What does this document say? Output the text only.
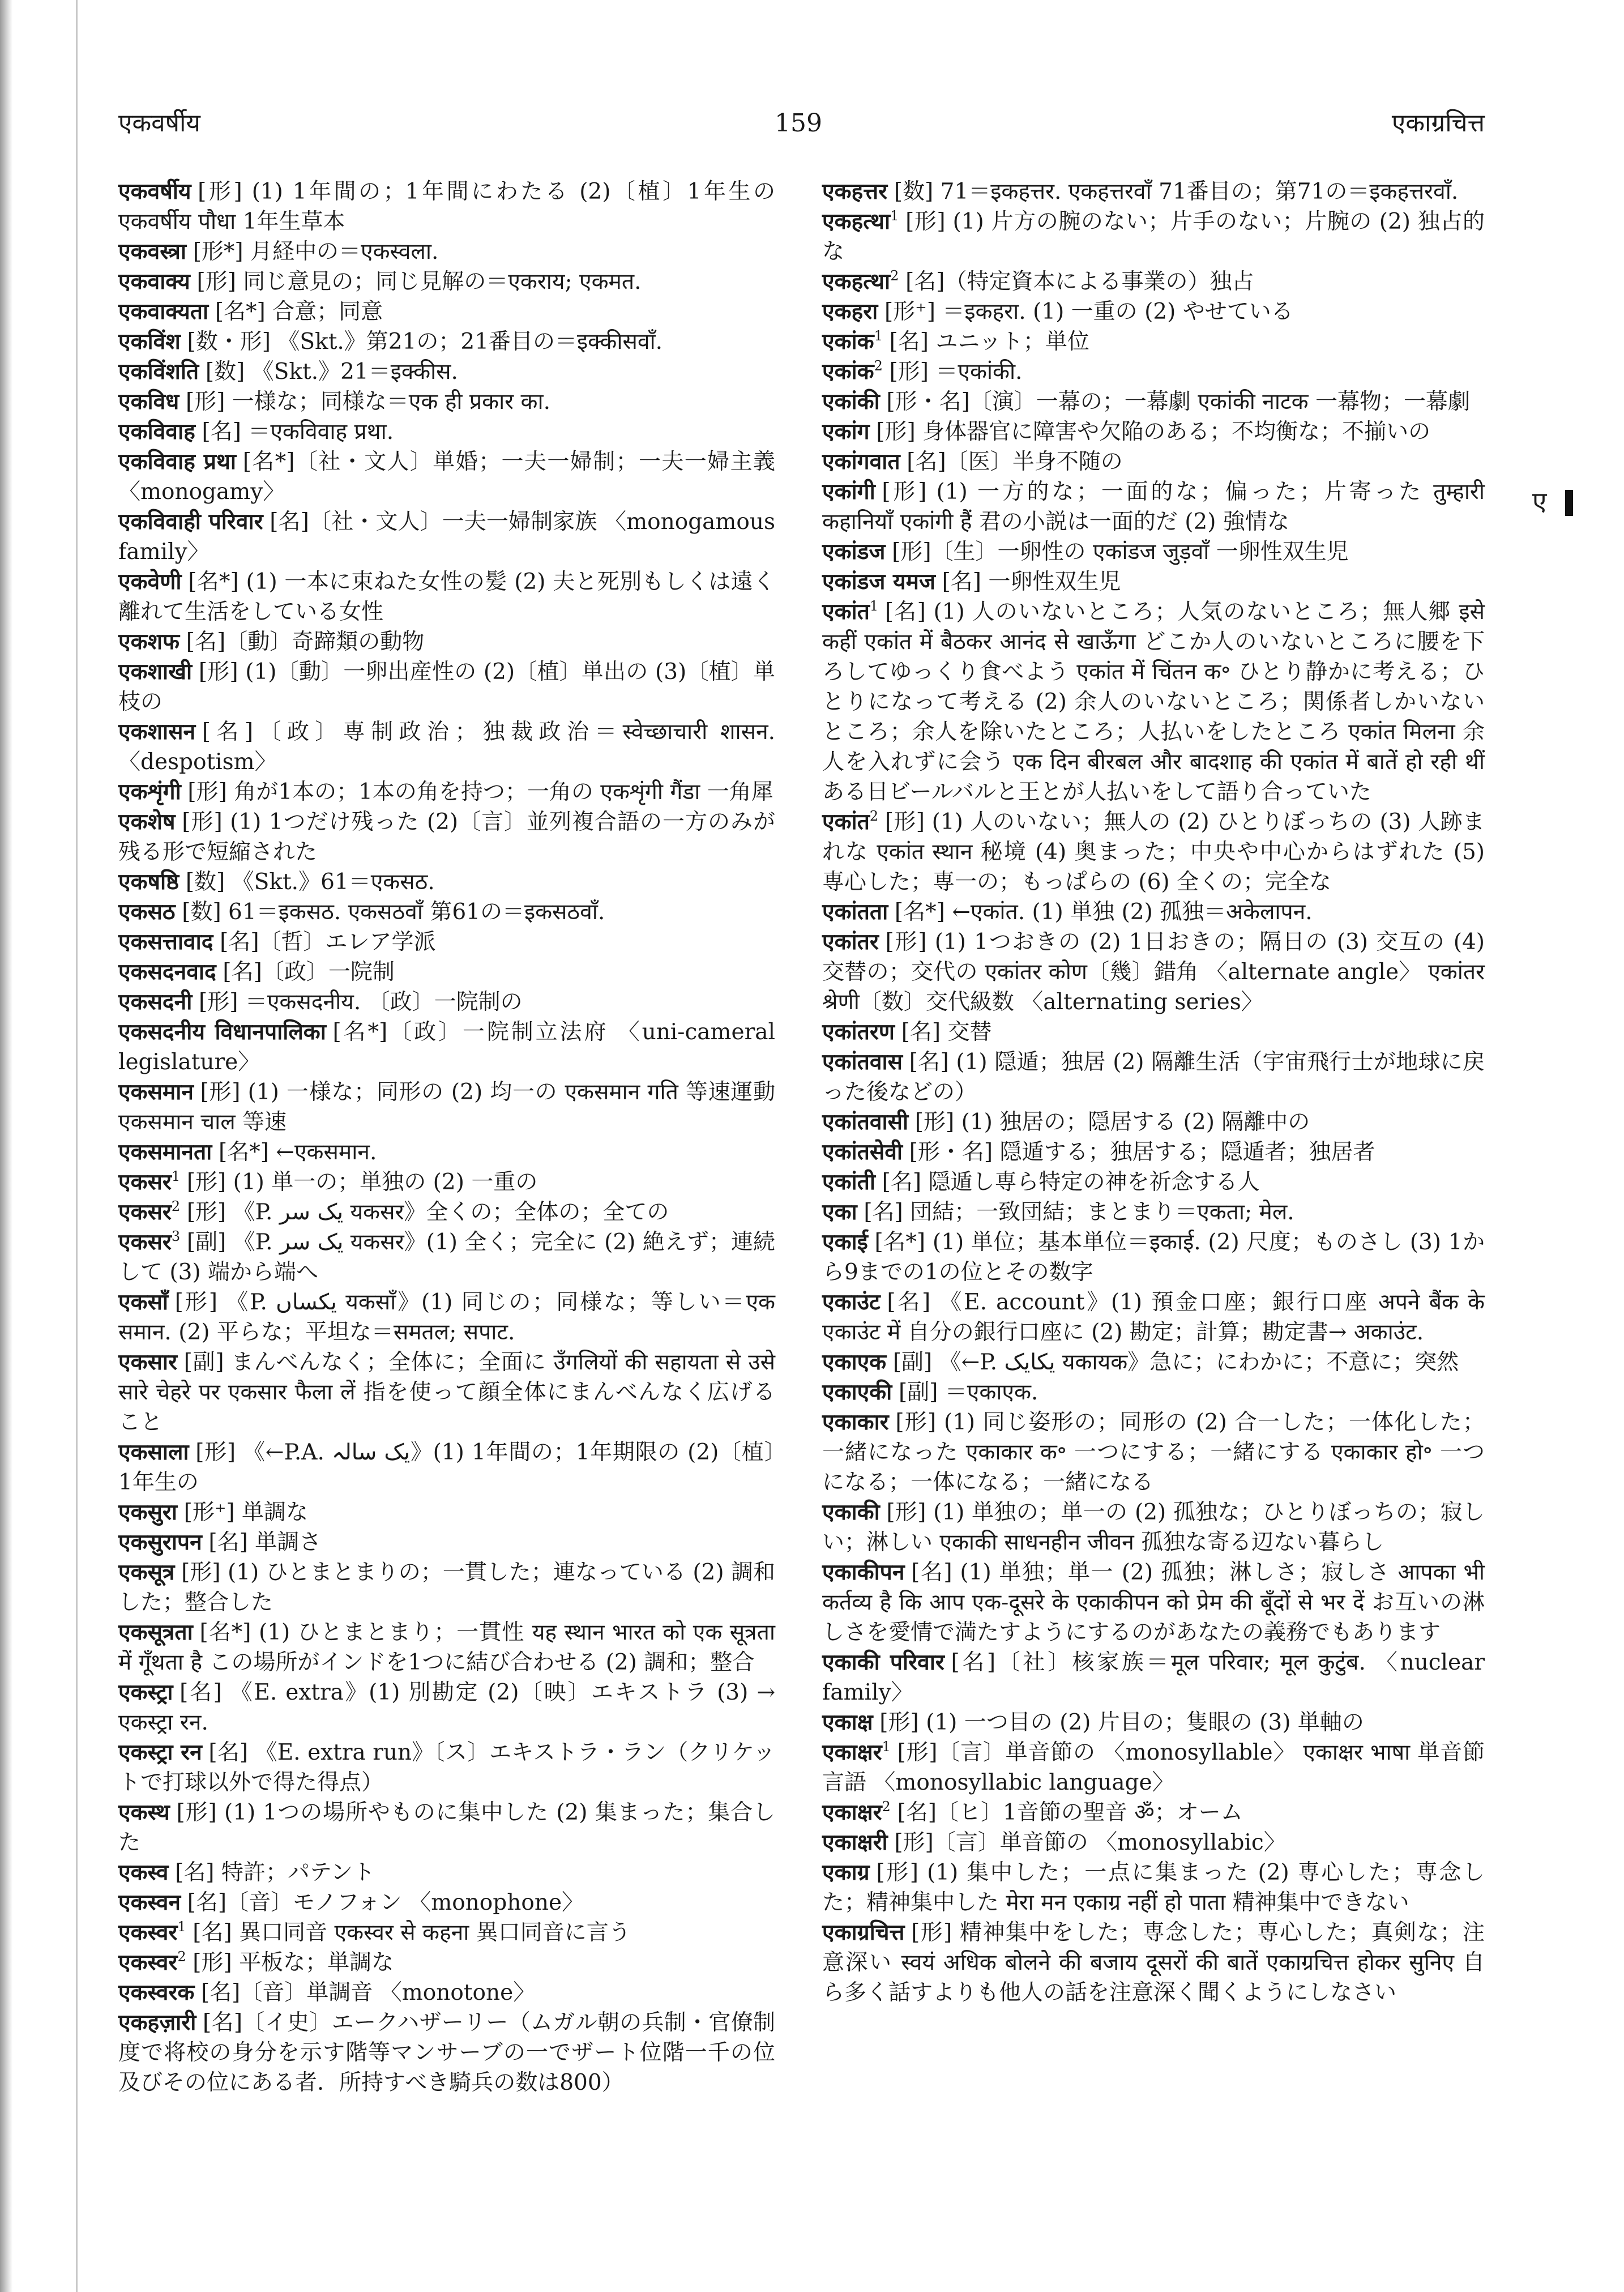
एकवर्षीय	159	एकाग्रचित्त
ए

एकवर्षीय [形] (1) 1年間の；1年間にわたる (2)〔植〕1年生の एकवर्षीय पौधा 1年生草本

एकवस्त्रा [形*] 月経中の＝एकस्वला.

एकवाक्य [形] 同じ意見の；同じ見解の＝एकराय; एकमत.

एकवाक्यता [名*] 合意；同意

एकविंश [数・形] 《Skt.》第21の；21番目の＝इक्कीसवाँ.

एकविंशति [数] 《Skt.》21＝इक्कीस.

एकविध [形] 一様な；同様な＝एक ही प्रकार का.

एकविवाह [名] ＝एकविवाह प्रथा.

एकविवाह प्रथा [名*]〔社・文人〕単婚；一夫一婦制；一夫一婦主義 〈monogamy〉

एकविवाही परिवार [名]〔社・文人〕一夫一婦制家族 〈monogamous family〉

एकवेणी [名*] (1) 一本に束ねた女性の髪 (2) 夫と死別もしくは遠く離れて生活をしている女性

एकशफ [名]〔動〕奇蹄類の動物

एकशाखी [形] (1)〔動〕一卵出産性の (2)〔植〕単出の (3)〔植〕単枝の

एकशासन [名]〔政〕専制政治；独裁政治＝स्वेच्छाचारी शासन. 〈despotism〉

एकशृंगी [形] 角が1本の；1本の角を持つ；一角の एकशृंगी गैंडा 一角犀

एकशेष [形] (1) 1つだけ残った (2)〔言〕並列複合語の一方のみが残る形で短縮された

एकषष्ठि [数] 《Skt.》61＝एकसठ.

एकसठ [数] 61＝इकसठ. एकसठवाँ 第61の＝इकसठवाँ.

एकसत्तावाद [名]〔哲〕エレア学派

एकसदनवाद [名]〔政〕一院制

एकसदनी [形] ＝एकसदनीय. 〔政〕一院制の

एकसदनीय विधानपालिका [名*]〔政〕一院制立法府 〈uni-cameral legislature〉

एकसमान [形] (1) 一様な；同形の (2) 均一の एकसमान गति 等速運動 एकसमान चाल 等速

एकसमानता [名*] ←एकसमान.

एकसर$^1$ [形] (1) 単一の；単独の (2) 一重の

एकसर$^2$ [形] 《P. یک سر यकसर》全くの；全体の；全ての

एकसर$^3$ [副] 《P. یک سر यकसर》(1) 全く；完全に (2) 絶えず；連続して (3) 端から端へ

एकसाँ [形] 《P. یکساں यकसाँ》(1) 同じの；同様な；等しい＝एक समान. (2) 平らな；平坦な＝समतल; सपाट.

एकसार [副] まんべんなく；全体に；全面に उँगलियों की सहायता से उसे सारे चेहरे पर एकसार फैला लें 指を使って顔全体にまんべんなく広げること

एकसाला [形] 《←P.A. یک سالہ》(1) 1年間の；1年期限の (2)〔植〕1年生の

एकसुरा [形⁺] 単調な

एकसुरापन [名] 単調さ

एकसूत्र [形] (1) ひとまとまりの；一貫した；連なっている (2) 調和した；整合した

एकसूत्रता [名*] (1) ひとまとまり；一貫性 यह स्थान भारत को एक सूत्रता में गूँथता है この場所がインドを1つに結び合わせる (2) 調和；整合

एकस्ट्रा [名] 《E. extra》(1) 別勘定 (2)〔映〕エキストラ (3) → एकस्ट्रा रन.

एकस्ट्रा रन [名] 《E. extra run》〔ス〕エキストラ・ラン（クリケットで打球以外で得た得点）

एकस्थ [形] (1) 1つの場所やものに集中した (2) 集まった；集合した

एकस्व [名] 特許；パテント

एकस्वन [名]〔音〕モノフォン 〈monophone〉

एकस्वर$^1$ [名] 異口同音 एकस्वर से कहना 異口同音に言う

एकस्वर$^2$ [形] 平板な；単調な

एकस्वरक [名]〔音〕単調音 〈monotone〉

एकहज़ारी [名]〔イ史〕エークハザーリー（ムガル朝の兵制・官僚制度で将校の身分を示す階等マンサーブの一でザート位階一千の位及びその位にある者．所持すべき騎兵の数は800）

एकहत्तर [数] 71＝इकहत्तर. एकहत्तरवाँ 71番目の；第71の＝इकहत्तरवाँ.

एकहत्था$^1$ [形] (1) 片方の腕のない；片手のない；片腕の (2) 独占的な

एकहत्था$^2$ [名]（特定資本による事業の）独占

एकहरा [形⁺] ＝इकहरा. (1) 一重の (2) やせている

एकांक$^1$ [名] ユニット；単位

एकांक$^2$ [形] ＝एकांकी.

एकांकी [形・名]〔演〕一幕の；一幕劇 एकांकी नाटक 一幕物；一幕劇

एकांग [形] 身体器官に障害や欠陥のある；不均衡な；不揃いの

एकांगवात [名]〔医〕半身不随の

एकांगी [形] (1) 一方的な；一面的な；偏った；片寄った तुम्हारी कहानियाँ एकांगी हैं 君の小説は一面的だ (2) 強情な

एकांडज [形]〔生〕一卵性の एकांडज जुड़वाँ 一卵性双生児

एकांडज यमज [名] 一卵性双生児

एकांत$^1$ [名] (1) 人のいないところ；人気のないところ；無人郷 इसे कहीं एकांत में बैठकर आनंद से खाऊँगा どこか人のいないところに腰を下ろしてゆっくり食べよう एकांत में चिंतन क॰ ひとり静かに考える；ひとりになって考える (2) 余人のいないところ；関係者しかいないところ；余人を除いたところ；人払いをしたところ एकांत मिलना 余人を入れずに会う एक दिन बीरबल और बादशाह की एकांत में बातें हो रही थीं ある日ビールバルと王とが人払いをして語り合っていた

एकांत$^2$ [形] (1) 人のいない；無人の (2) ひとりぼっちの (3) 人跡まれな एकांत स्थान 秘境 (4) 奥まった；中央や中心からはずれた (5) 専心した；専一の；もっぱらの (6) 全くの；完全な

एकांतता [名*] ←एकांत. (1) 単独 (2) 孤独＝अकेलापन.

एकांतर [形] (1) 1つおきの (2) 1日おきの；隔日の (3) 交互の (4) 交替の；交代の एकांतर कोण〔幾〕錯角 〈alternate angle〉 एकांतर श्रेणी〔数〕交代級数 〈alternating series〉

एकांतरण [名] 交替

एकांतवास [名] (1) 隠遁；独居 (2) 隔離生活（宇宙飛行士が地球に戻った後などの）

एकांतवासी [形] (1) 独居の；隠居する (2) 隔離中の

एकांतसेवी [形・名] 隠遁する；独居する；隠遁者；独居者

एकांती [名] 隠遁し専ら特定の神を祈念する人

एका [名] 団結；一致団結；まとまり＝एकता; मेल.

एकाई [名*] (1) 単位；基本単位＝इकाई. (2) 尺度；ものさし (3) 1から9までの1の位とその数字

एकाउंट [名] 《E. account》(1) 預金口座；銀行口座 अपने बैंक के एकाउंट में 自分の銀行口座に (2) 勘定；計算；勘定書→ अकाउंट.

एकाएक [副] 《←P. یکایک यकायक》急に；にわかに；不意に；突然

एकाएकी [副] ＝एकाएक.

एकाकार [形] (1) 同じ姿形の；同形の (2) 合一した；一体化した；一緒になった एकाकार क॰ 一つにする；一緒にする एकाकार हो॰ 一つになる；一体になる；一緒になる

एकाकी [形] (1) 単独の；単一の (2) 孤独な；ひとりぼっちの；寂しい；淋しい एकाकी साधनहीन जीवन 孤独な寄る辺ない暮らし

एकाकीपन [名] (1) 単独；単一 (2) 孤独；淋しさ；寂しさ आपका भी कर्तव्य है कि आप एक-दूसरे के एकाकीपन को प्रेम की बूँदों से भर दें お互いの淋しさを愛情で満たすようにするのがあなたの義務でもあります

एकाकी परिवार [名]〔社〕核家族＝मूल परिवार; मूल कुटुंब. 〈nuclear family〉

एकाक्ष [形] (1) 一つ目の (2) 片目の；隻眼の (3) 単軸の

एकाक्षर$^1$ [形]〔言〕単音節の 〈monosyllable〉 एकाक्षर भाषा 単音節言語 〈monosyllabic language〉

एकाक्षर$^2$ [名]〔ヒ〕1音節の聖音 ॐ；オーム

एकाक्षरी [形]〔言〕単音節の 〈monosyllabic〉

एकाग्र [形] (1) 集中した；一点に集まった (2) 専心した；専念した；精神集中した मेरा मन एकाग्र नहीं हो पाता 精神集中できない

एकाग्रचित्त [形] 精神集中をした；専念した；専心した；真剣な；注意深い स्वयं अधिक बोलने की बजाय दूसरों की बातें एकाग्रचित्त होकर सुनिए 自ら多く話すよりも他人の話を注意深く聞くようにしなさい
